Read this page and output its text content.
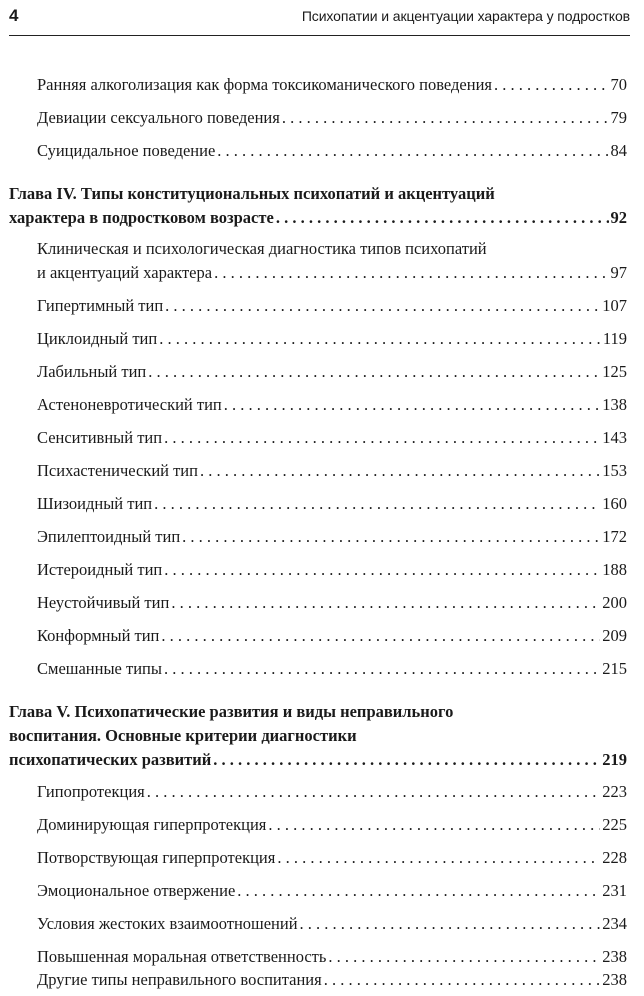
4	Психопатии и акцентуации характера у подростков
Ранняя алкоголизация как форма токсикоманического поведения . . .	70
Девиации сексуального поведения . . .	79
Суицидальное поведение . . .	84
Глава IV. Типы конституциональных психопатий и акцентуаций
характера в подростковом возрасте . . .	92
Клиническая и психологическая диагностика типов психопатий
и акцентуаций характера . . .	97
Гипертимный тип . . .	107
Циклоидный тип . . .	119
Лабильный тип . . .	125
Астеноневротический тип . . .	138
Сенситивный тип . . .	143
Психастенический тип . . .	153
Шизоидный тип . . .	160
Эпилептоидный тип . . .	172
Истероидный тип . . .	188
Неустойчивый тип . . .	200
Конформный тип . . .	209
Смешанные типы . . .	215
Глава V. Психопатические развития и виды неправильного
воспитания. Основные критерии диагностики
психопатических развитий . . .	219
Гипопротекция . . .	223
Доминирующая гиперпротекция . . .	225
Потворствующая гиперпротекция . . .	228
Эмоциональное отвержение . . .	231
Условия жестоких взаимоотношений . . .	234
Повышенная моральная ответственность . . .	238
Другие типы неправильного воспитания . . .	238
